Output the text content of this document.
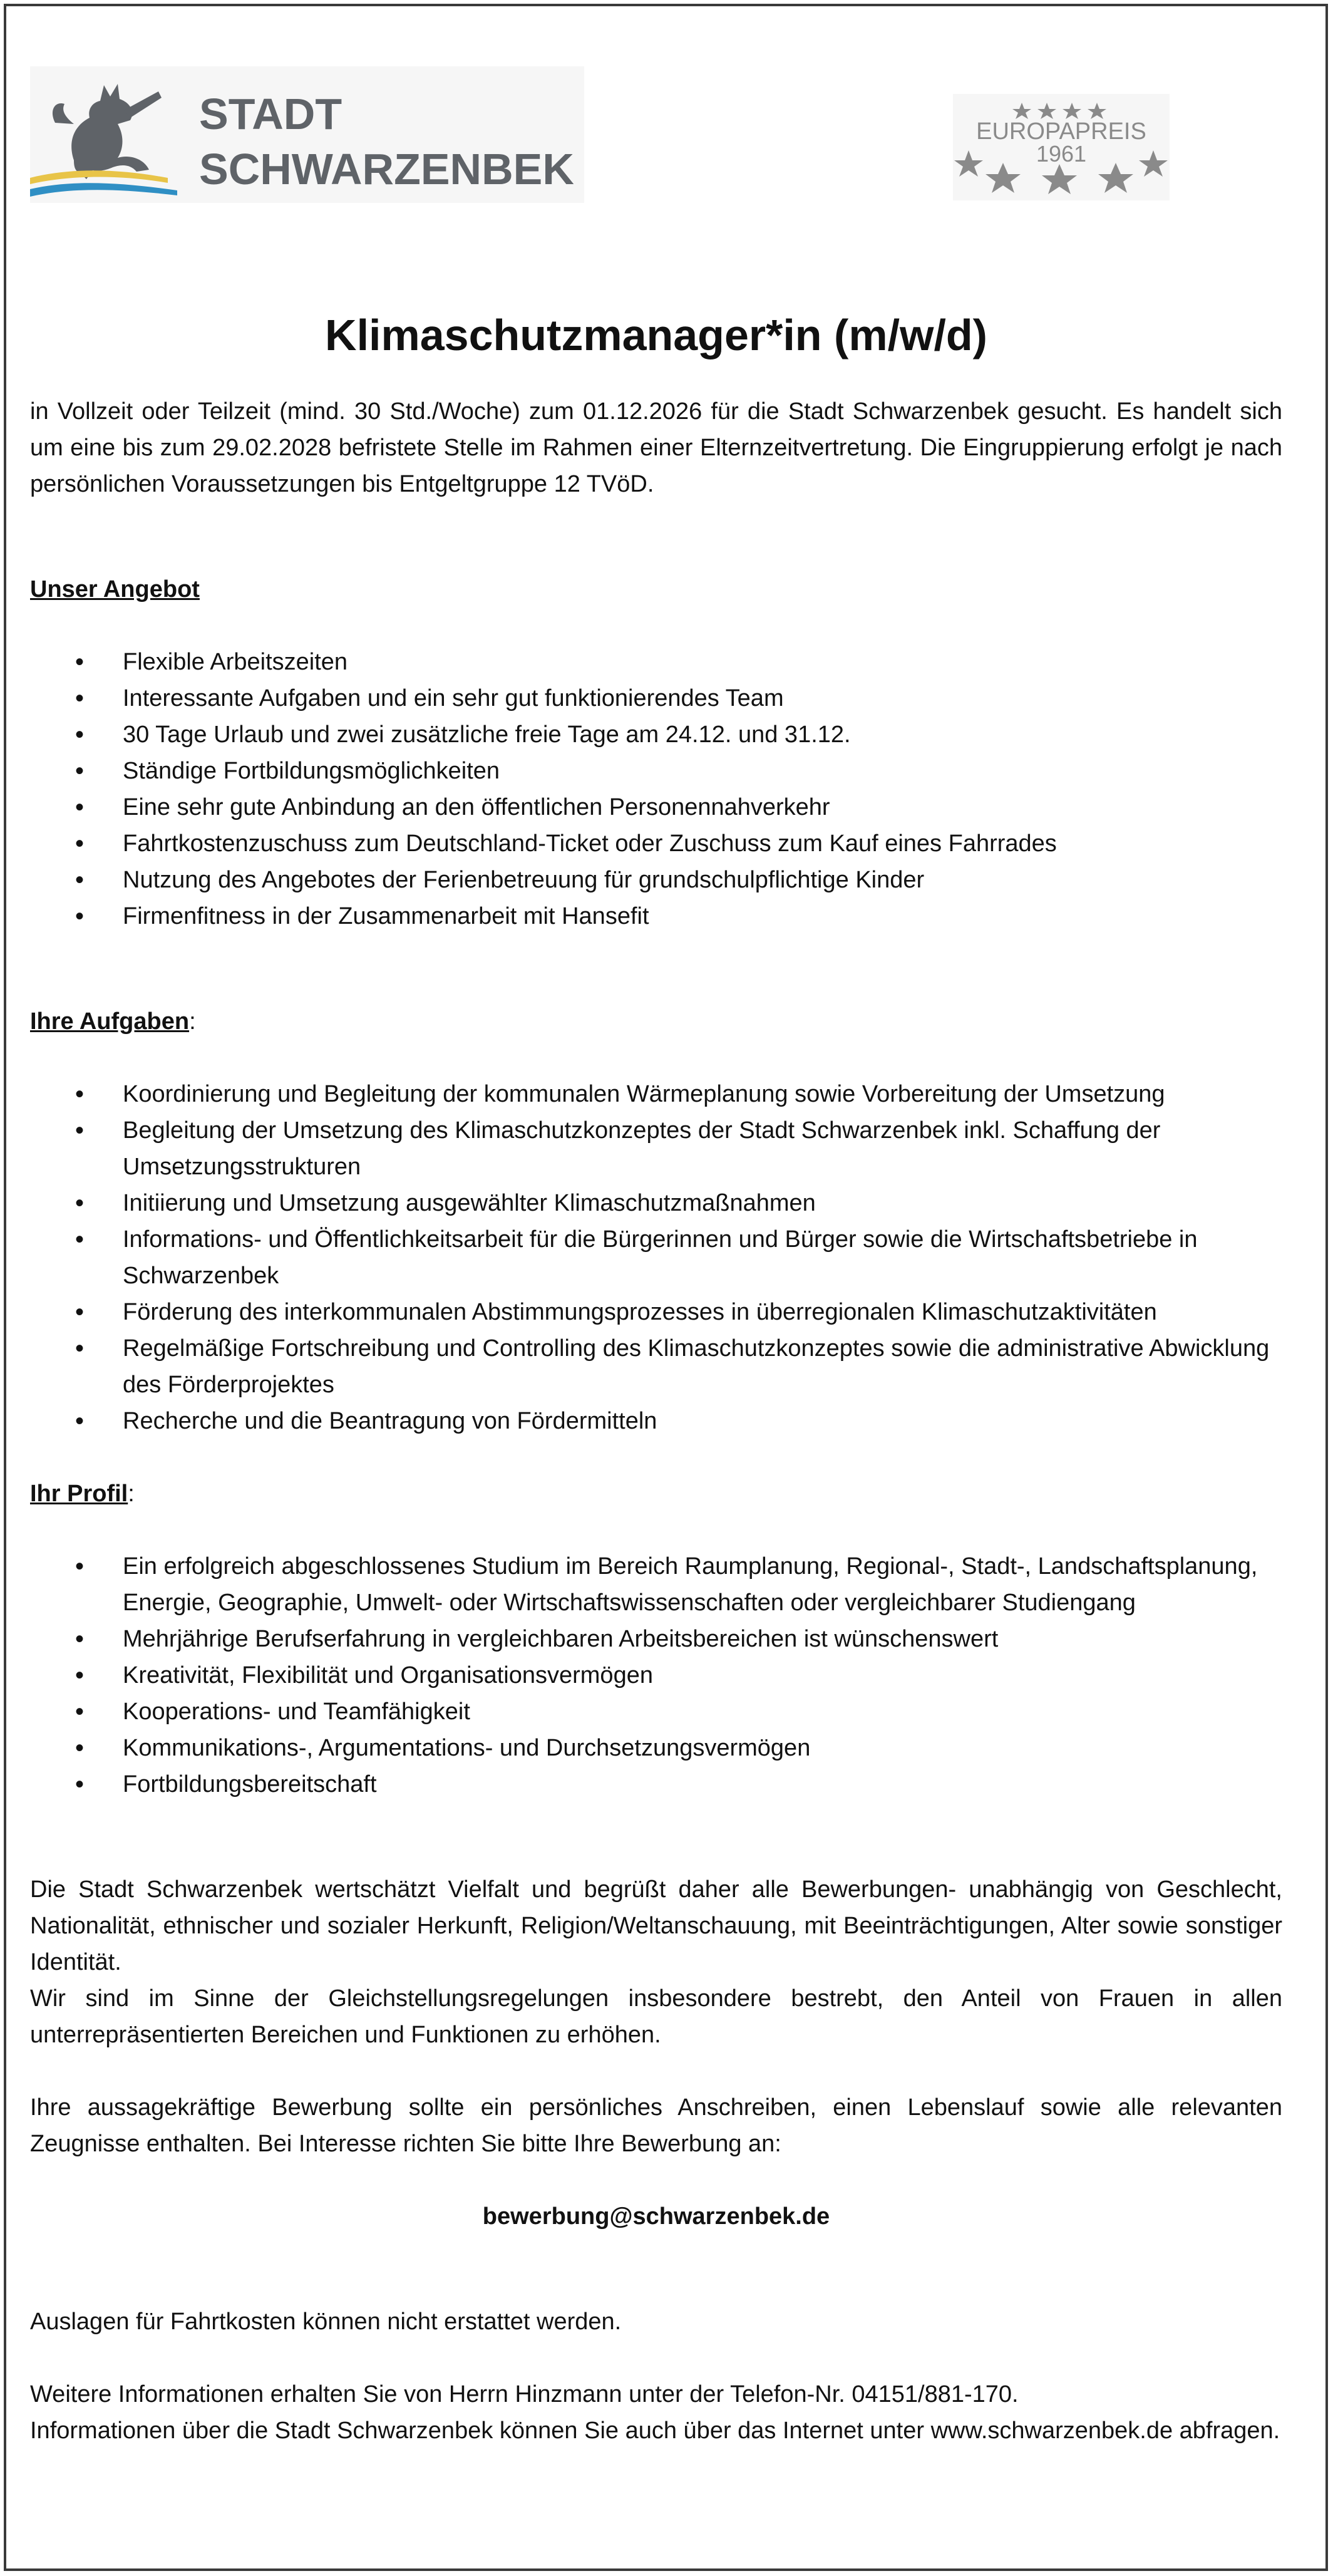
STADT
SCHWARZENBEK
EUROPAPREIS
1961
Klimaschutzmanager*in (m/w/d)

in Vollzeit oder Teilzeit (mind. 30 Std./Woche) zum 01.12.2026 für die Stadt Schwarzenbek gesucht. Es handelt sich um eine bis zum 29.02.2028 befristete Stelle im Rahmen einer Elternzeitvertretung. Die Eingruppierung erfolgt je nach persönlichen Voraussetzungen bis Entgeltgruppe 12 TVöD.

Unser Angebot

• Flexible Arbeitszeiten
• Interessante Aufgaben und ein sehr gut funktionierendes Team
• 30 Tage Urlaub und zwei zusätzliche freie Tage am 24.12. und 31.12.
• Ständige Fortbildungsmöglichkeiten
• Eine sehr gute Anbindung an den öffentlichen Personennahverkehr
• Fahrtkostenzuschuss zum Deutschland-Ticket oder Zuschuss zum Kauf eines Fahrrades
• Nutzung des Angebotes der Ferienbetreuung für grundschulpflichtige Kinder
• Firmenfitness in der Zusammenarbeit mit Hansefit

Ihre Aufgaben:

• Koordinierung und Begleitung der kommunalen Wärmeplanung sowie Vorbereitung der Umsetzung
• Begleitung der Umsetzung des Klimaschutzkonzeptes der Stadt Schwarzenbek inkl. Schaffung der Umsetzungsstrukturen
• Initiierung und Umsetzung ausgewählter Klimaschutzmaßnahmen
• Informations- und Öffentlichkeitsarbeit für die Bürgerinnen und Bürger sowie die Wirtschaftsbetriebe in Schwarzenbek
• Förderung des interkommunalen Abstimmungsprozesses in überregionalen Klimaschutzaktivitäten
• Regelmäßige Fortschreibung und Controlling des Klimaschutzkonzeptes sowie die administrative Abwicklung des Förderprojektes
• Recherche und die Beantragung von Fördermitteln

Ihr Profil:

• Ein erfolgreich abgeschlossenes Studium im Bereich Raumplanung, Regional-, Stadt-, Landschaftsplanung, Energie, Geographie, Umwelt- oder Wirtschaftswissenschaften oder vergleichbarer Studiengang
• Mehrjährige Berufserfahrung in vergleichbaren Arbeitsbereichen ist wünschenswert
• Kreativität, Flexibilität und Organisationsvermögen
• Kooperations- und Teamfähigkeit
• Kommunikations-, Argumentations- und Durchsetzungsvermögen
• Fortbildungsbereitschaft

Die Stadt Schwarzenbek wertschätzt Vielfalt und begrüßt daher alle Bewerbungen- unabhängig von Geschlecht, Nationalität, ethnischer und sozialer Herkunft, Religion/Weltanschauung, mit Beeinträchtigungen, Alter sowie sonstiger Identität.

Wir sind im Sinne der Gleichstellungsregelungen insbesondere bestrebt, den Anteil von Frauen in allen unterrepräsentierten Bereichen und Funktionen zu erhöhen.

Ihre aussagekräftige Bewerbung sollte ein persönliches Anschreiben, einen Lebenslauf sowie alle relevanten Zeugnisse enthalten. Bei Interesse richten Sie bitte Ihre Bewerbung an:

bewerbung@schwarzenbek.de

Auslagen für Fahrtkosten können nicht erstattet werden.

Weitere Informationen erhalten Sie von Herrn Hinzmann unter der Telefon-Nr. 04151/881-170.

Informationen über die Stadt Schwarzenbek können Sie auch über das Internet unter www.schwarzenbek.de abfragen.
